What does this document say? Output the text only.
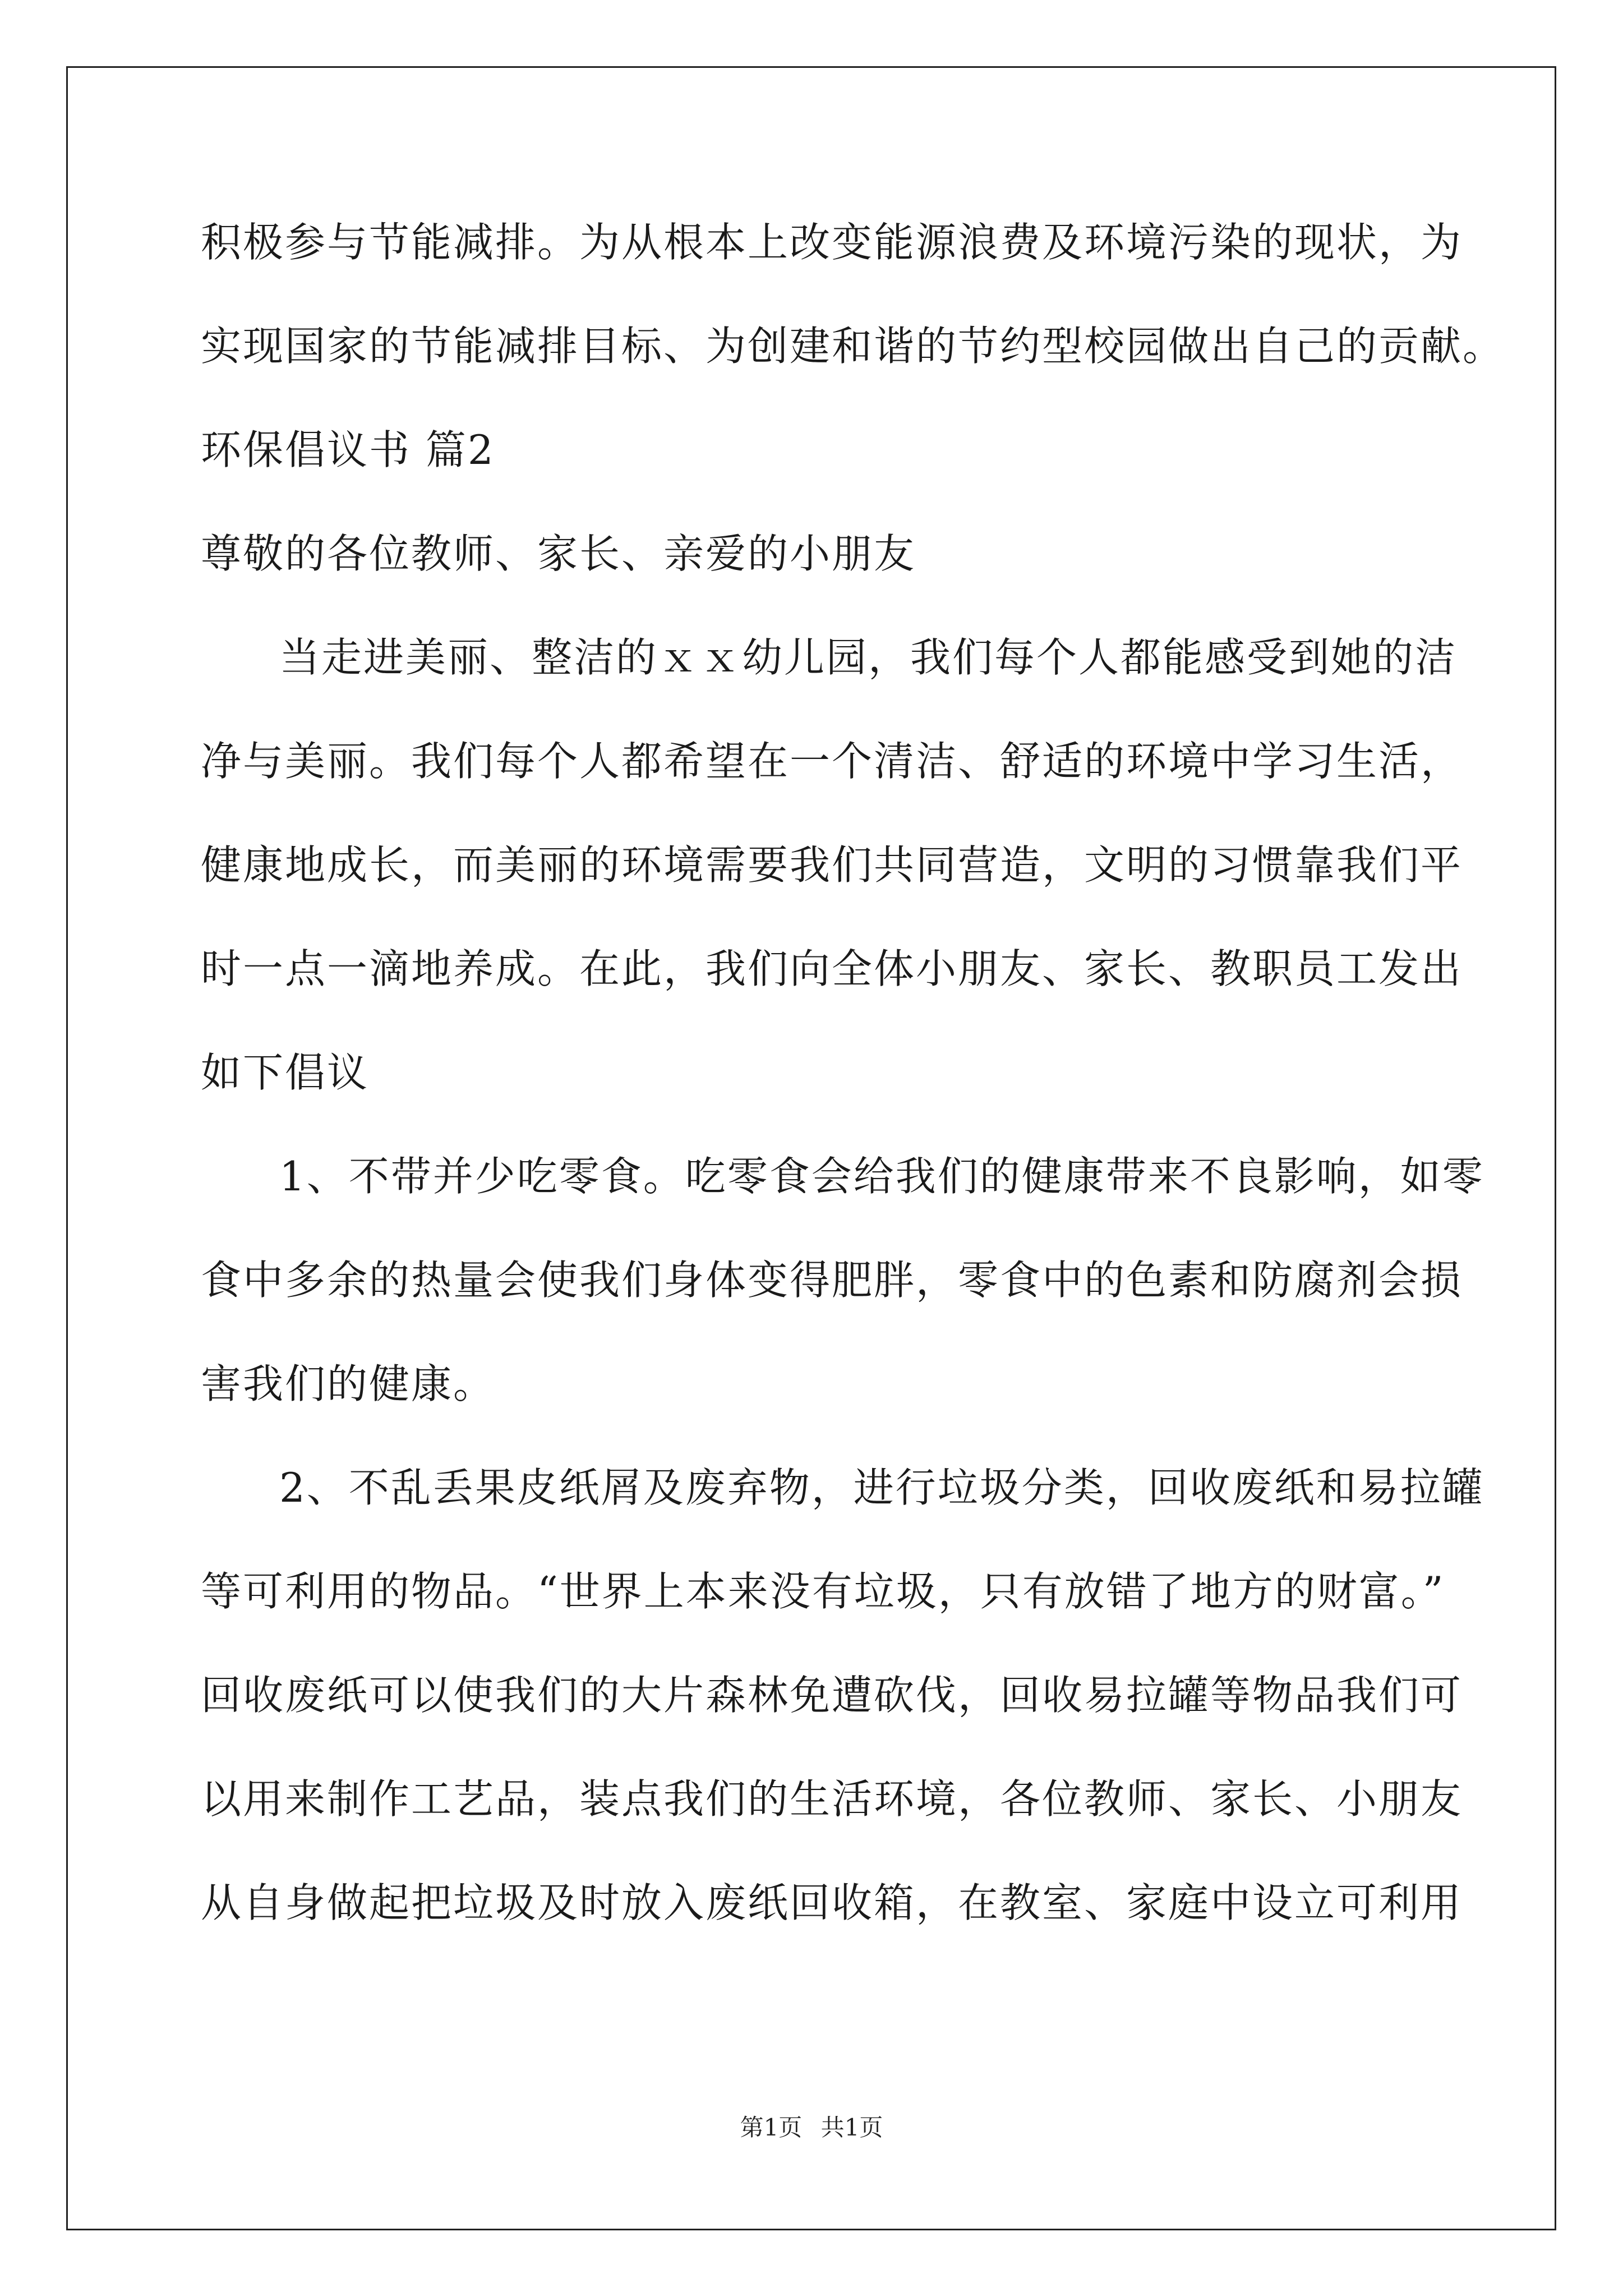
积极参与节能减排。为从根本上改变能源浪费及环境污染的现状，为
实现国家的节能减排目标、为创建和谐的节约型校园做出自己的贡献。
环保倡议书 篇2
尊敬的各位教师、家长、亲爱的小朋友
当走进美丽、整洁的ｘｘ幼儿园，我们每个人都能感受到她的洁
净与美丽。我们每个人都希望在一个清洁、舒适的环境中学习生活，
健康地成长，而美丽的环境需要我们共同营造，文明的习惯靠我们平
时一点一滴地养成。在此，我们向全体小朋友、家长、教职员工发出
如下倡议
1、不带并少吃零食。吃零食会给我们的健康带来不良影响，如零
食中多余的热量会使我们身体变得肥胖，零食中的色素和防腐剂会损
害我们的健康。
2、不乱丢果皮纸屑及废弃物，进行垃圾分类，回收废纸和易拉罐
等可利用的物品。“世界上本来没有垃圾，只有放错了地方的财富。”
回收废纸可以使我们的大片森林免遭砍伐，回收易拉罐等物品我们可
以用来制作工艺品，装点我们的生活环境，各位教师、家长、小朋友
从自身做起把垃圾及时放入废纸回收箱，在教室、家庭中设立可利用
第1页 共1页
